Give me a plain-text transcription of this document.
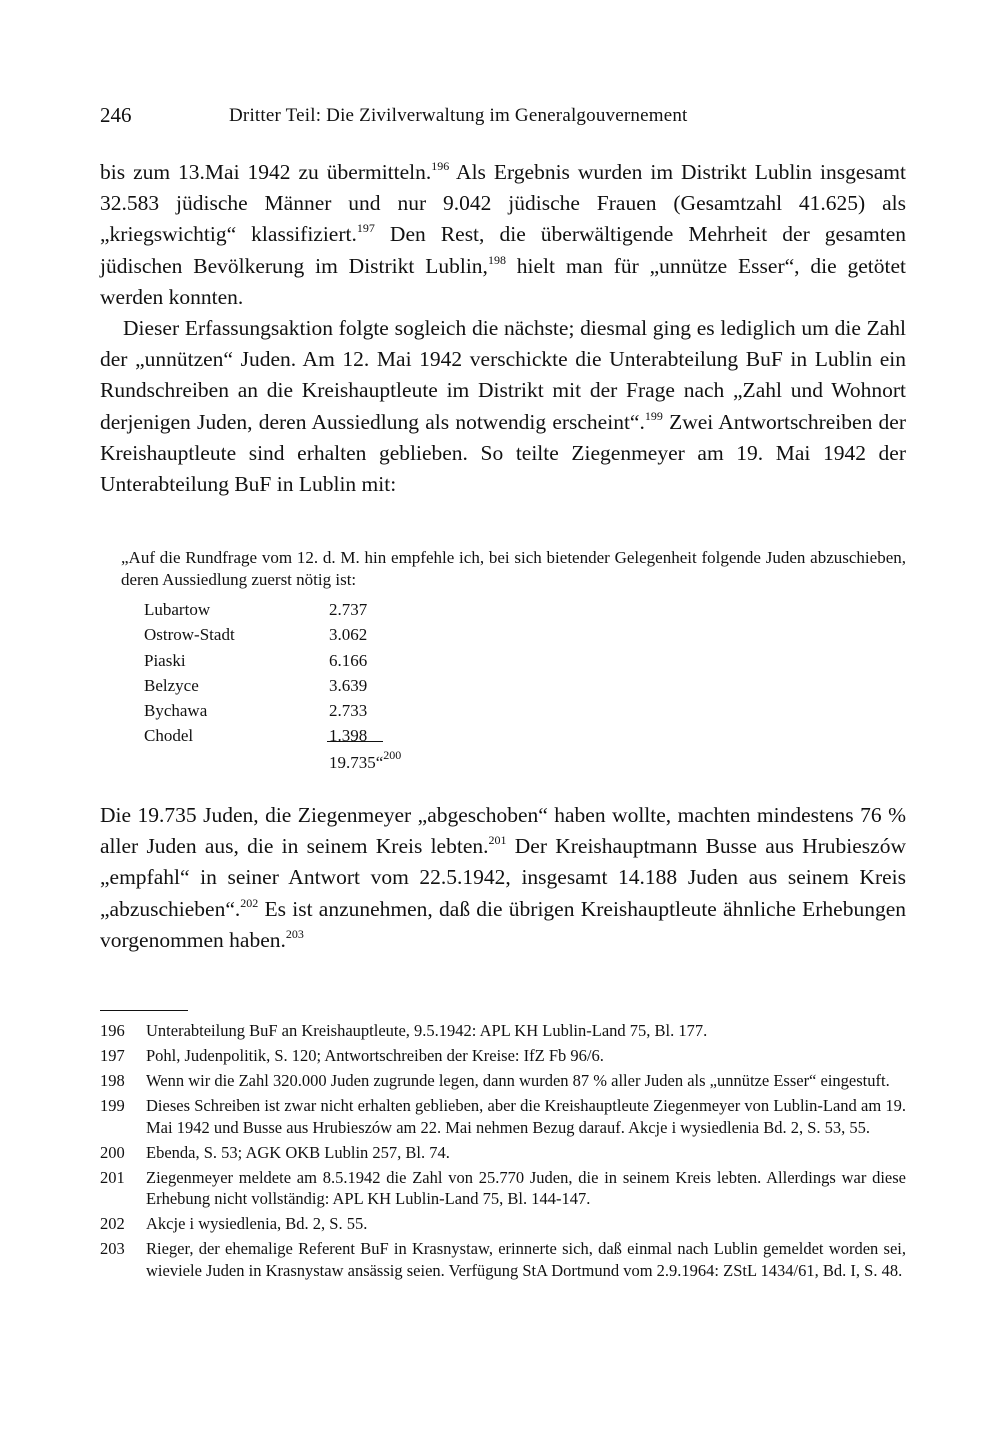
246	Dritter Teil: Die Zivilverwaltung im Generalgouvernement

bis zum 13.Mai 1942 zu übermitteln.$^{196}$ Als Ergebnis wurden im Distrikt Lublin insgesamt 32.583 jüdische Männer und nur 9.042 jüdische Frauen (Gesamtzahl 41.625) als „kriegswichtig“ klassifiziert.$^{197}$ Den Rest, die überwältigende Mehrheit der gesamten jüdischen Bevölkerung im Distrikt Lublin,$^{198}$ hielt man für „unnütze Esser“, die getötet werden konnten.

Dieser Erfassungsaktion folgte sogleich die nächste; diesmal ging es lediglich um die Zahl der „unnützen“ Juden. Am 12. Mai 1942 verschickte die Unterabteilung BuF in Lublin ein Rundschreiben an die Kreishauptleute im Distrikt mit der Frage nach „Zahl und Wohnort derjenigen Juden, deren Aussiedlung als notwendig erscheint“.$^{199}$ Zwei Antwortschreiben der Kreishauptleute sind erhalten geblieben. So teilte Ziegenmeyer am 19. Mai 1942 der Unterabteilung BuF in Lublin mit:

„Auf die Rundfrage vom 12. d. M. hin empfehle ich, bei sich bietender Gelegenheit folgende Juden abzuschieben, deren Aussiedlung zuerst nötig ist:

Lubartow	2.737
Ostrow-Stadt	3.062
Piaski	6.166
Belzyce	3.639
Bychawa	2.733
Chodel	1.398
19.735“$^{200}$

Die 19.735 Juden, die Ziegenmeyer „abgeschoben“ haben wollte, machten mindestens 76 % aller Juden aus, die in seinem Kreis lebten.$^{201}$ Der Kreishauptmann Busse aus Hrubieszów „empfahl“ in seiner Antwort vom 22.5.1942, insgesamt 14.188 Juden aus seinem Kreis „abzuschieben“.$^{202}$ Es ist anzunehmen, daß die übrigen Kreishauptleute ähnliche Erhebungen vorgenommen haben.$^{203}$

196 Unterabteilung BuF an Kreishauptleute, 9.5.1942: APL KH Lublin-Land 75, Bl. 177.
197 Pohl, Judenpolitik, S. 120; Antwortschreiben der Kreise: IfZ Fb 96/6.
198 Wenn wir die Zahl 320.000 Juden zugrunde legen, dann wurden 87 % aller Juden als „unnütze Esser“ eingestuft.
199 Dieses Schreiben ist zwar nicht erhalten geblieben, aber die Kreishauptleute Ziegenmeyer von Lublin-Land am 19. Mai 1942 und Busse aus Hrubieszów am 22. Mai nehmen Bezug darauf. Akcje i wysiedlenia Bd. 2, S. 53, 55.
200 Ebenda, S. 53; AGK OKB Lublin 257, Bl. 74.
201 Ziegenmeyer meldete am 8.5.1942 die Zahl von 25.770 Juden, die in seinem Kreis lebten. Allerdings war diese Erhebung nicht vollständig: APL KH Lublin-Land 75, Bl. 144-147.
202 Akcje i wysiedlenia, Bd. 2, S. 55.
203 Rieger, der ehemalige Referent BuF in Krasnystaw, erinnerte sich, daß einmal nach Lublin gemeldet worden sei, wieviele Juden in Krasnystaw ansässig seien. Verfügung StA Dortmund vom 2.9.1964: ZStL 1434/61, Bd. I, S. 48.
